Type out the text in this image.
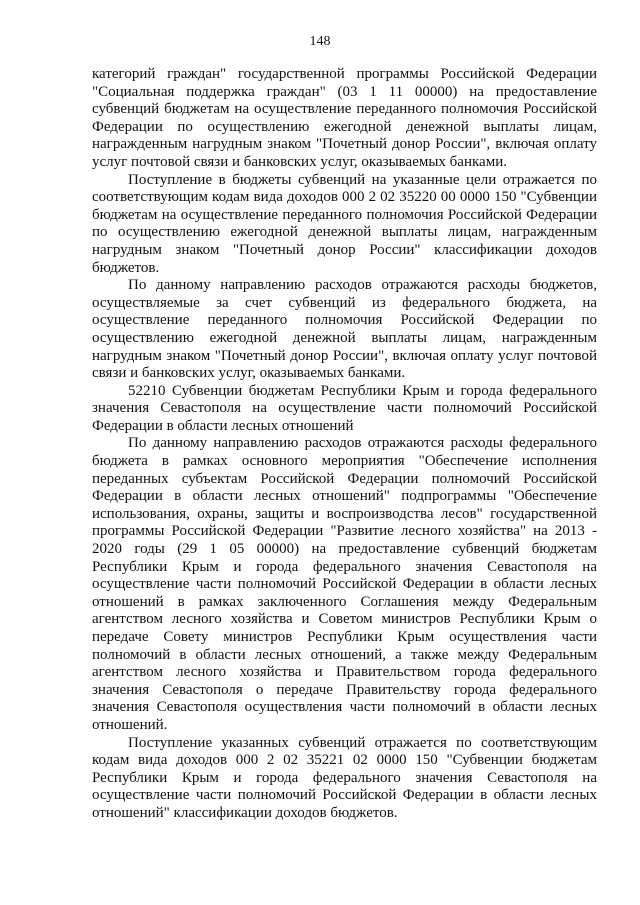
148

категорий граждан" государственной программы Российской Федерации "Социальная поддержка граждан" (03 1 11 00000) на предоставление субвенций бюджетам на осуществление переданного полномочия Российской Федерации по осуществлению ежегодной денежной выплаты лицам, награжденным нагрудным знаком "Почетный донор России", включая оплату услуг почтовой связи и банковских услуг, оказываемых банками.

Поступление в бюджеты субвенций на указанные цели отражается по соответствующим кодам вида доходов 000 2 02 35220 00 0000 150 "Субвенции бюджетам на осуществление переданного полномочия Российской Федерации по осуществлению ежегодной денежной выплаты лицам, награжденным нагрудным знаком "Почетный донор России" классификации доходов бюджетов.

По данному направлению расходов отражаются расходы бюджетов, осуществляемые за счет субвенций из федерального бюджета, на осуществление переданного полномочия Российской Федерации по осуществлению ежегодной денежной выплаты лицам, награжденным нагрудным знаком "Почетный донор России", включая оплату услуг почтовой связи и банковских услуг, оказываемых банками.

52210 Субвенции бюджетам Республики Крым и города федерального значения Севастополя на осуществление части полномочий Российской Федерации в области лесных отношений

По данному направлению расходов отражаются расходы федерального бюджета в рамках основного мероприятия "Обеспечение исполнения переданных субъектам Российской Федерации полномочий Российской Федерации в области лесных отношений" подпрограммы "Обеспечение использования, охраны, защиты и воспроизводства лесов" государственной программы Российской Федерации "Развитие лесного хозяйства" на 2013 - 2020 годы (29 1 05 00000) на предоставление субвенций бюджетам Республики Крым и города федерального значения Севастополя на осуществление части полномочий Российской Федерации в области лесных отношений в рамках заключенного Соглашения между Федеральным агентством лесного хозяйства и Советом министров Республики Крым о передаче Совету министров Республики Крым осуществления части полномочий в области лесных отношений, а также между Федеральным агентством лесного хозяйства и Правительством города федерального значения Севастополя о передаче Правительству города федерального значения Севастополя осуществления части полномочий в области лесных отношений.

Поступление указанных субвенций отражается по соответствующим кодам вида доходов 000 2 02 35221 02 0000 150 "Субвенции бюджетам Республики Крым и города федерального значения Севастополя на осуществление части полномочий Российской Федерации в области лесных отношений" классификации доходов бюджетов.
